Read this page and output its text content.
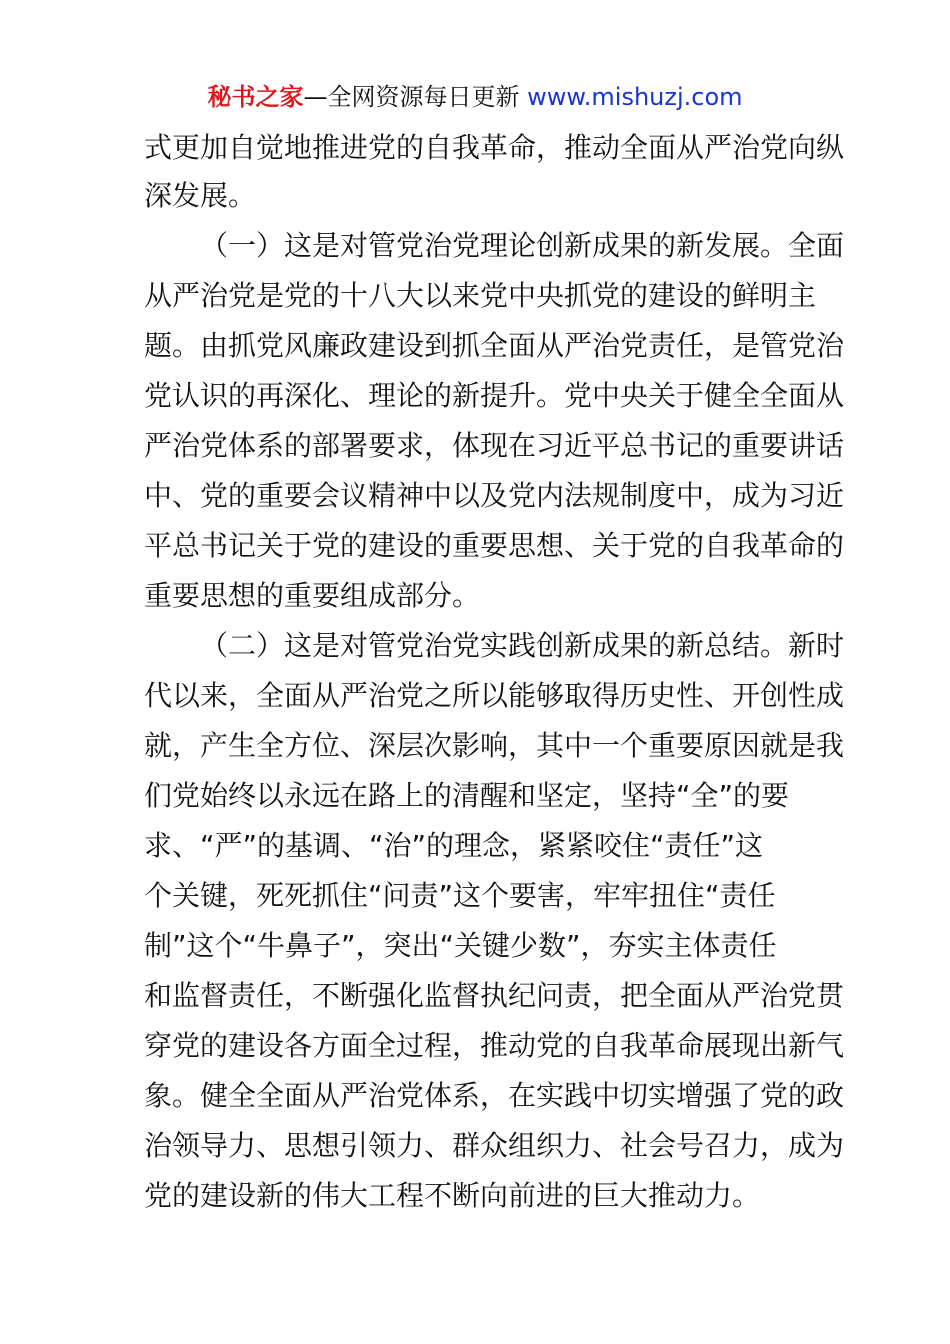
秘书之家—全网资源每日更新 www.mishuzj.com
式更加自觉地推进党的自我革命，推动全面从严治党向纵
深发展。
（一）这是对管党治党理论创新成果的新发展。全面
从严治党是党的十八大以来党中央抓党的建设的鲜明主
题。由抓党风廉政建设到抓全面从严治党责任，是管党治
党认识的再深化、理论的新提升。党中央关于健全全面从
严治党体系的部署要求，体现在习近平总书记的重要讲话
中、党的重要会议精神中以及党内法规制度中，成为习近
平总书记关于党的建设的重要思想、关于党的自我革命的
重要思想的重要组成部分。
（二）这是对管党治党实践创新成果的新总结。新时
代以来，全面从严治党之所以能够取得历史性、开创性成
就，产生全方位、深层次影响，其中一个重要原因就是我
们党始终以永远在路上的清醒和坚定，坚持“全”的要
求、“严”的基调、“治”的理念，紧紧咬住“责任”这
个关键，死死抓住“问责”这个要害，牢牢扭住“责任
制”这个“牛鼻子”，突出“关键少数”，夯实主体责任
和监督责任，不断强化监督执纪问责，把全面从严治党贯
穿党的建设各方面全过程，推动党的自我革命展现出新气
象。健全全面从严治党体系，在实践中切实增强了党的政
治领导力、思想引领力、群众组织力、社会号召力，成为
党的建设新的伟大工程不断向前进的巨大推动力。
